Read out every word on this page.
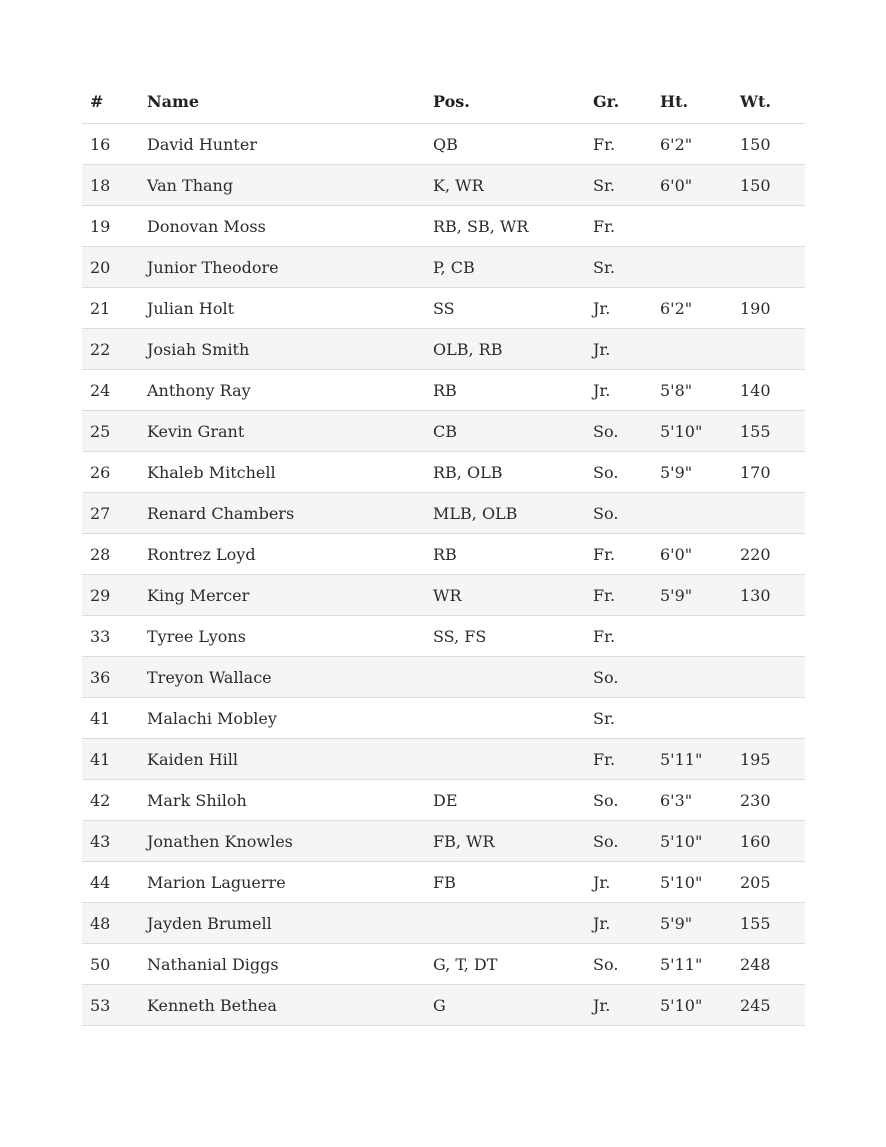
#	Name	Pos.	Gr.	Ht.	Wt.
16	David Hunter	QB	Fr.	6'2"	150
18	Van Thang	K, WR	Sr.	6'0"	150
19	Donovan Moss	RB, SB, WR	Fr.		
20	Junior Theodore	P, CB	Sr.		
21	Julian Holt	SS	Jr.	6'2"	190
22	Josiah Smith	OLB, RB	Jr.		
24	Anthony Ray	RB	Jr.	5'8"	140
25	Kevin Grant	CB	So.	5'10"	155
26	Khaleb Mitchell	RB, OLB	So.	5'9"	170
27	Renard Chambers	MLB, OLB	So.		
28	Rontrez Loyd	RB	Fr.	6'0"	220
29	King Mercer	WR	Fr.	5'9"	130
33	Tyree Lyons	SS, FS	Fr.		
36	Treyon Wallace		So.		
41	Malachi Mobley		Sr.		
41	Kaiden Hill		Fr.	5'11"	195
42	Mark Shiloh	DE	So.	6'3"	230
43	Jonathen Knowles	FB, WR	So.	5'10"	160
44	Marion Laguerre	FB	Jr.	5'10"	205
48	Jayden Brumell		Jr.	5'9"	155
50	Nathanial Diggs	G, T, DT	So.	5'11"	248
53	Kenneth Bethea	G	Jr.	5'10"	245
